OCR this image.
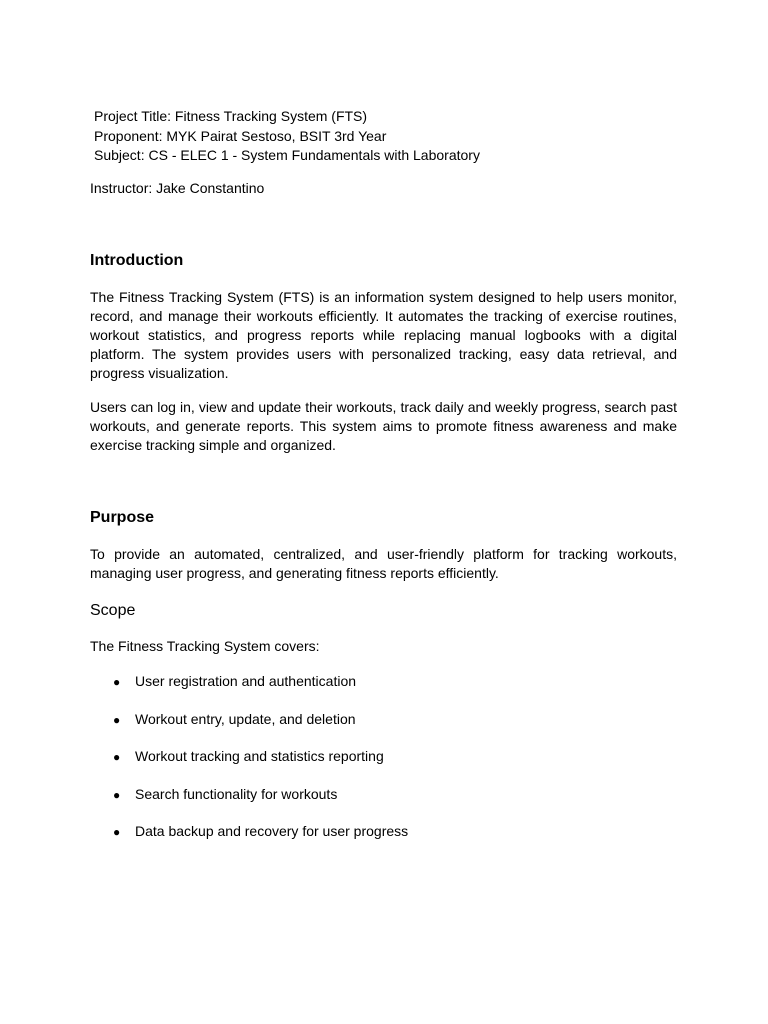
Project Title: Fitness Tracking System (FTS)
Proponent: MYK Pairat Sestoso, BSIT 3rd Year
Subject: CS - ELEC 1 - System Fundamentals with Laboratory
Instructor: Jake Constantino
Introduction

The Fitness Tracking System (FTS) is an information system designed to help users monitor, record, and manage their workouts efficiently. It automates the tracking of exercise routines, workout statistics, and progress reports while replacing manual logbooks with a digital platform. The system provides users with personalized tracking, easy data retrieval, and progress visualization.

Users can log in, view and update their workouts, track daily and weekly progress, search past workouts, and generate reports. This system aims to promote fitness awareness and make exercise tracking simple and organized.

Purpose

To provide an automated, centralized, and user-friendly platform for tracking workouts, managing user progress, and generating fitness reports efficiently.

Scope
The Fitness Tracking System covers:
● User registration and authentication
● Workout entry, update, and deletion
● Workout tracking and statistics reporting
● Search functionality for workouts
● Data backup and recovery for user progress
